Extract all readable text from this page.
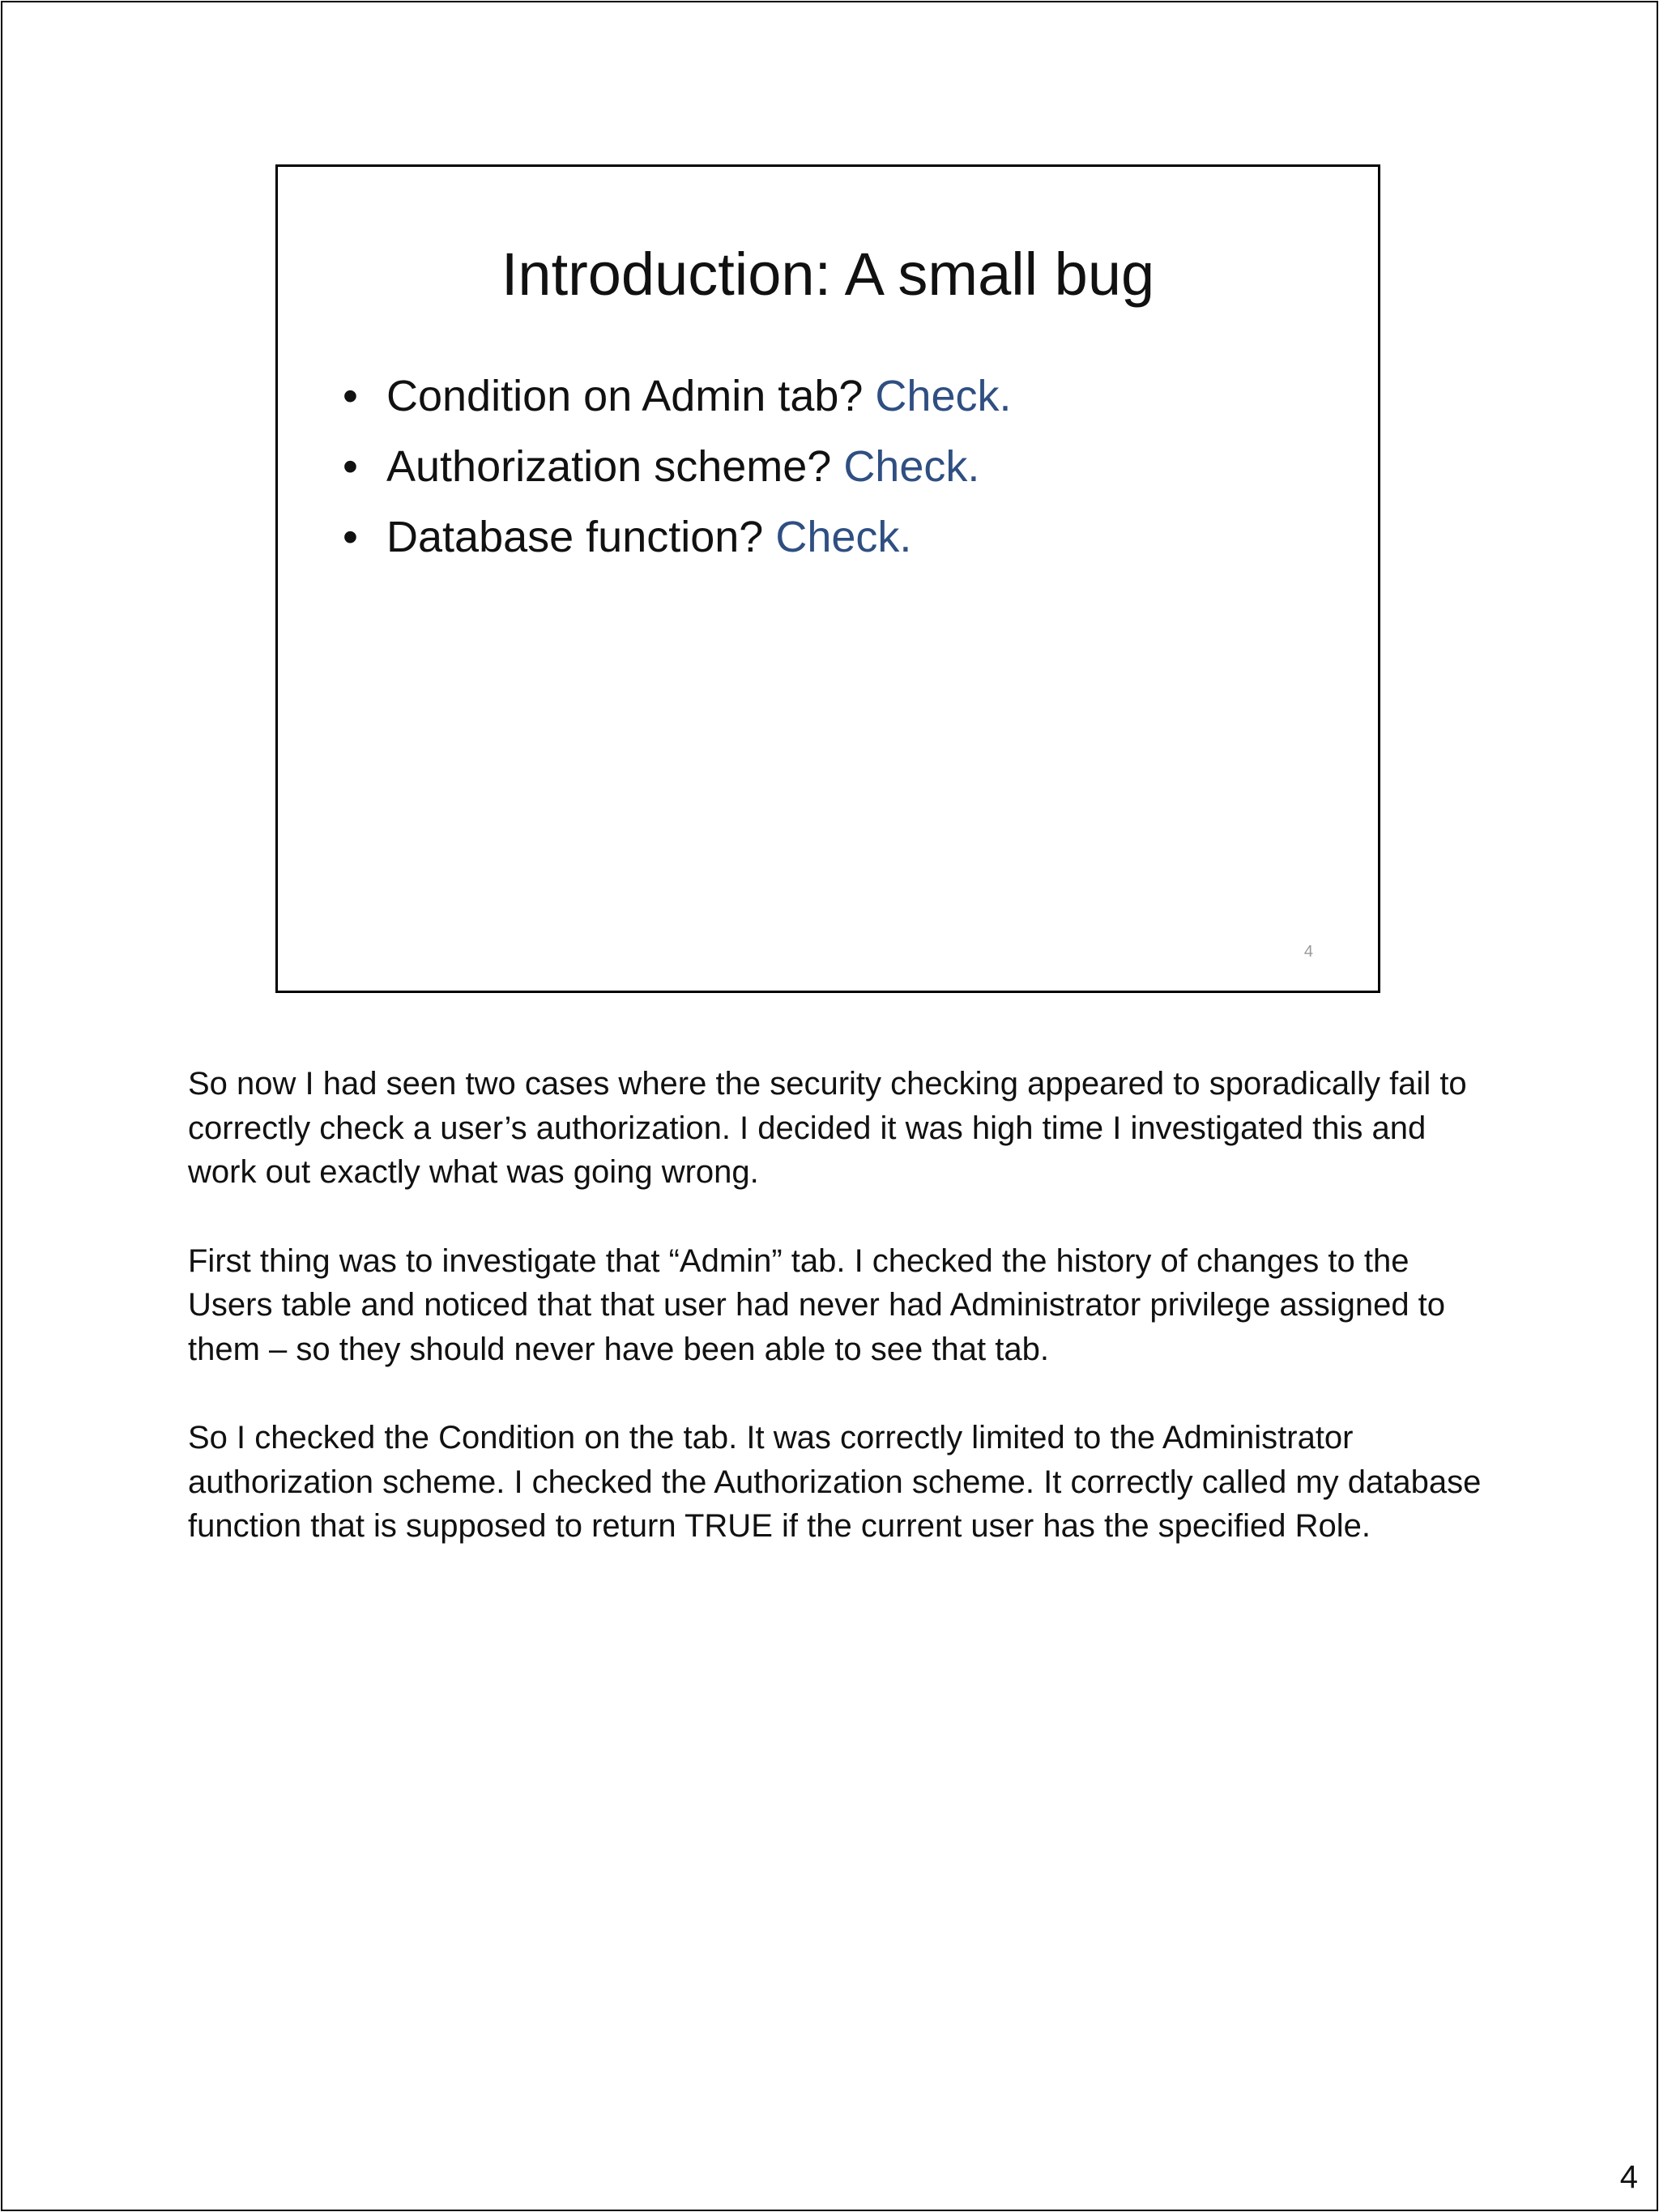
Introduction: A small bug
• Condition on Admin tab? Check.
• Authorization scheme? Check.
• Database function? Check.
4

So now I had seen two cases where the security checking appeared to sporadically fail to correctly check a user’s authorization. I decided it was high time I investigated this and work out exactly what was going wrong.

First thing was to investigate that “Admin” tab. I checked the history of changes to the Users table and noticed that that user had never had Administrator privilege assigned to them – so they should never have been able to see that tab.

So I checked the Condition on the tab. It was correctly limited to the Administrator authorization scheme. I checked the Authorization scheme. It correctly called my database function that is supposed to return TRUE if the current user has the specified Role.

4
